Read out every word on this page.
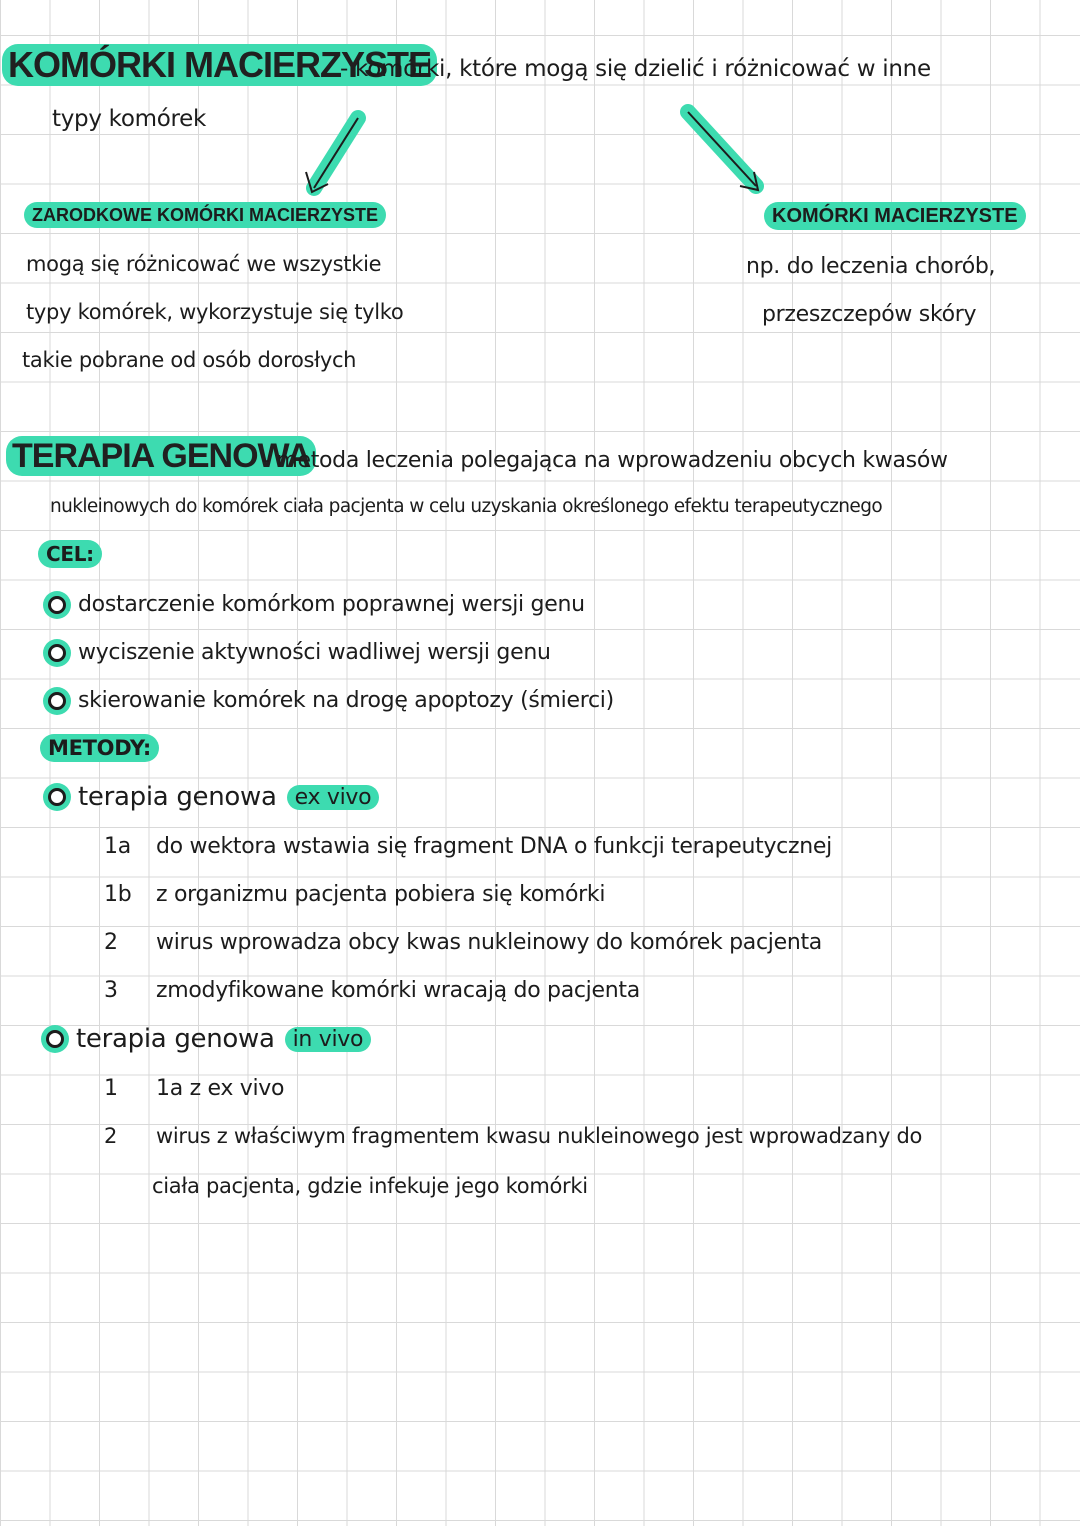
KOMÓRKI MACIERZYSTE
- komórki, które mogą się dzielić i różnicować w inne
typy komórek
ZARODKOWE KOMÓRKI MACIERZYSTE
mogą się różnicować we wszystkie
typy komórek, wykorzystuje się tylko
takie pobrane od osób dorosłych
KOMÓRKI MACIERZYSTE
np. do leczenia chorób,
przeszczepów skóry
TERAPIA GENOWA
- metoda leczenia polegająca na wprowadzeniu obcych kwasów
nukleinowych do komórek ciała pacjenta w celu uzyskania określonego efektu terapeutycznego
CEL:
dostarczenie komórkom poprawnej wersji genu
wyciszenie aktywności wadliwej wersji genu
skierowanie komórek na drogę apoptozy (śmierci)
METODY:
terapia genowa ex vivo
1a do wektora wstawia się fragment DNA o funkcji terapeutycznej
1b z organizmu pacjenta pobiera się komórki
2 wirus wprowadza obcy kwas nukleinowy do komórek pacjenta
3 zmodyfikowane komórki wracają do pacjenta
terapia genowa in vivo
1 1a z ex vivo
2 wirus z właściwym fragmentem kwasu nukleinowego jest wprowadzany do
ciała pacjenta, gdzie infekuje jego komórki
